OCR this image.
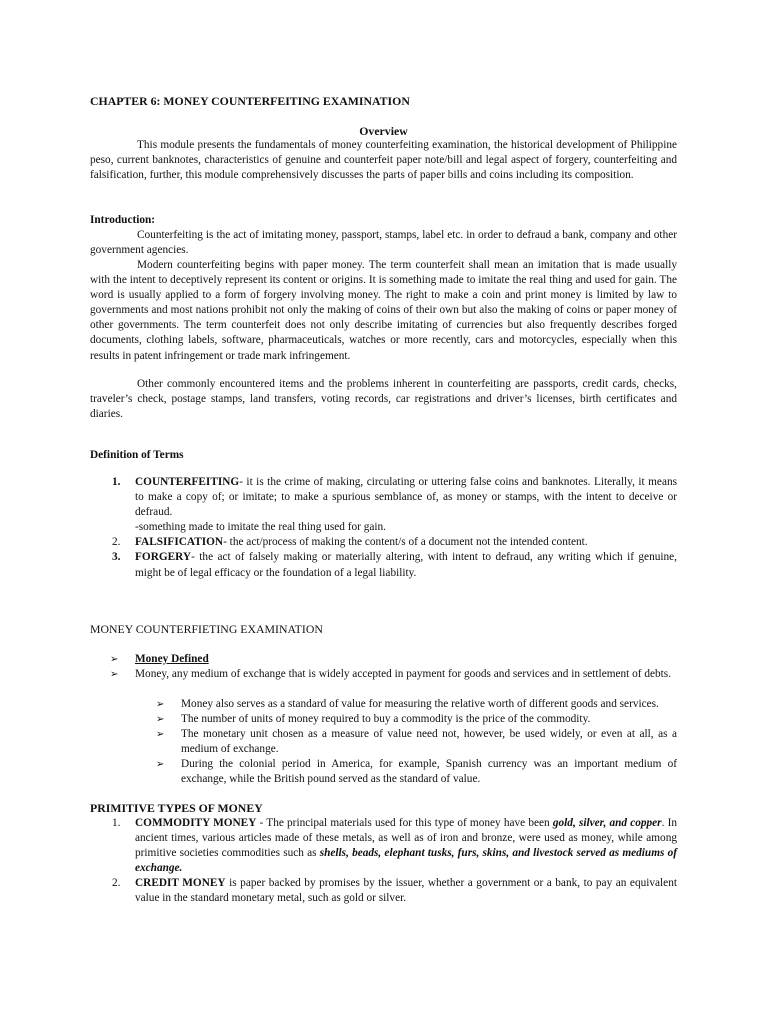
CHAPTER 6: MONEY COUNTERFEITING EXAMINATION

Overview

This module presents the fundamentals of money counterfeiting examination, the historical development of Philippine peso, current banknotes, characteristics of genuine and counterfeit paper note/bill and legal aspect of forgery, counterfeiting and falsification, further, this module comprehensively discusses the parts of paper bills and coins including its composition.

Introduction:

Counterfeiting is the act of imitating money, passport, stamps, label etc. in order to defraud a bank, company and other government agencies.

Modern counterfeiting begins with paper money. The term counterfeit shall mean an imitation that is made usually with the intent to deceptively represent its content or origins. It is something made to imitate the real thing and used for gain. The word is usually applied to a form of forgery involving money. The right to make a coin and print money is limited by law to governments and most nations prohibit not only the making of coins of their own but also the making of coins or paper money of other governments. The term counterfeit does not only describe imitating of currencies but also frequently describes forged documents, clothing labels, software, pharmaceuticals, watches or more recently, cars and motorcycles, especially when this results in patent infringement or trade mark infringement.

Other commonly encountered items and the problems inherent in counterfeiting are passports, credit cards, checks, traveler’s check, postage stamps, land transfers, voting records, car registrations and driver’s licenses, birth certificates and diaries.

Definition of Terms

1. COUNTERFEITING- it is the crime of making, circulating or uttering false coins and banknotes. Literally, it means to make a copy of; or imitate; to make a spurious semblance of, as money or stamps, with the intent to deceive or defraud.
-something made to imitate the real thing used for gain.
2. FALSIFICATION- the act/process of making the content/s of a document not the intended content.
3. FORGERY- the act of falsely making or materially altering, with intent to defraud, any writing which if genuine, might be of legal efficacy or the foundation of a legal liability.

MONEY COUNTERFIETING EXAMINATION

➢ Money Defined
➢ Money, any medium of exchange that is widely accepted in payment for goods and services and in settlement of debts.
➢ Money also serves as a standard of value for measuring the relative worth of different goods and services.
➢ The number of units of money required to buy a commodity is the price of the commodity.
➢ The monetary unit chosen as a measure of value need not, however, be used widely, or even at all, as a medium of exchange.
➢ During the colonial period in America, for example, Spanish currency was an important medium of exchange, while the British pound served as the standard of value.

PRIMITIVE TYPES OF MONEY

1. COMMODITY MONEY - The principal materials used for this type of money have been gold, silver, and copper. In ancient times, various articles made of these metals, as well as of iron and bronze, were used as money, while among primitive societies commodities such as shells, beads, elephant tusks, furs, skins, and livestock served as mediums of exchange.
2. CREDIT MONEY is paper backed by promises by the issuer, whether a government or a bank, to pay an equivalent value in the standard monetary metal, such as gold or silver.
